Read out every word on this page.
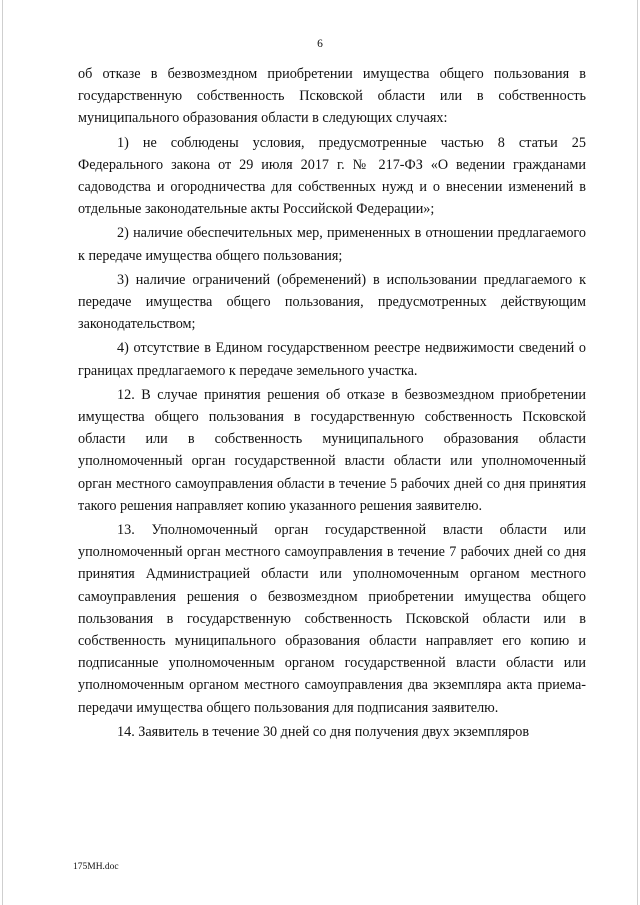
6

об отказе в безвозмездном приобретении имущества общего пользования в государственную собственность Псковской области или в собственность муниципального образования области в следующих случаях:

1) не соблюдены условия, предусмотренные частью 8 статьи 25 Федерального закона от 29 июля 2017 г. № 217-ФЗ «О ведении гражданами садоводства и огородничества для собственных нужд и о внесении изменений в отдельные законодательные акты Российской Федерации»;

2) наличие обеспечительных мер, примененных в отношении предлагаемого к передаче имущества общего пользования;

3) наличие ограничений (обременений) в использовании предлагаемого к передаче имущества общего пользования, предусмотренных действующим законодательством;

4) отсутствие в Едином государственном реестре недвижимости сведений о границах предлагаемого к передаче земельного участка.

12. В случае принятия решения об отказе в безвозмездном приобретении имущества общего пользования в государственную собственность Псковской области или в собственность муниципального образования области уполномоченный орган государственной власти области или уполномоченный орган местного самоуправления области в течение 5 рабочих дней со дня принятия такого решения направляет копию указанного решения заявителю.

13. Уполномоченный орган государственной власти области или уполномоченный орган местного самоуправления в течение 7 рабочих дней со дня принятия Администрацией области или уполномоченным органом местного самоуправления решения о безвозмездном приобретении имущества общего пользования в государственную собственность Псковской области или в собственность муниципального образования области направляет его копию и подписанные уполномоченным органом государственной власти области или уполномоченным органом местного самоуправления два экземпляра акта приема-передачи имущества общего пользования для подписания заявителю.

14. Заявитель в течение 30 дней со дня получения двух экземпляров

175МН.doc
